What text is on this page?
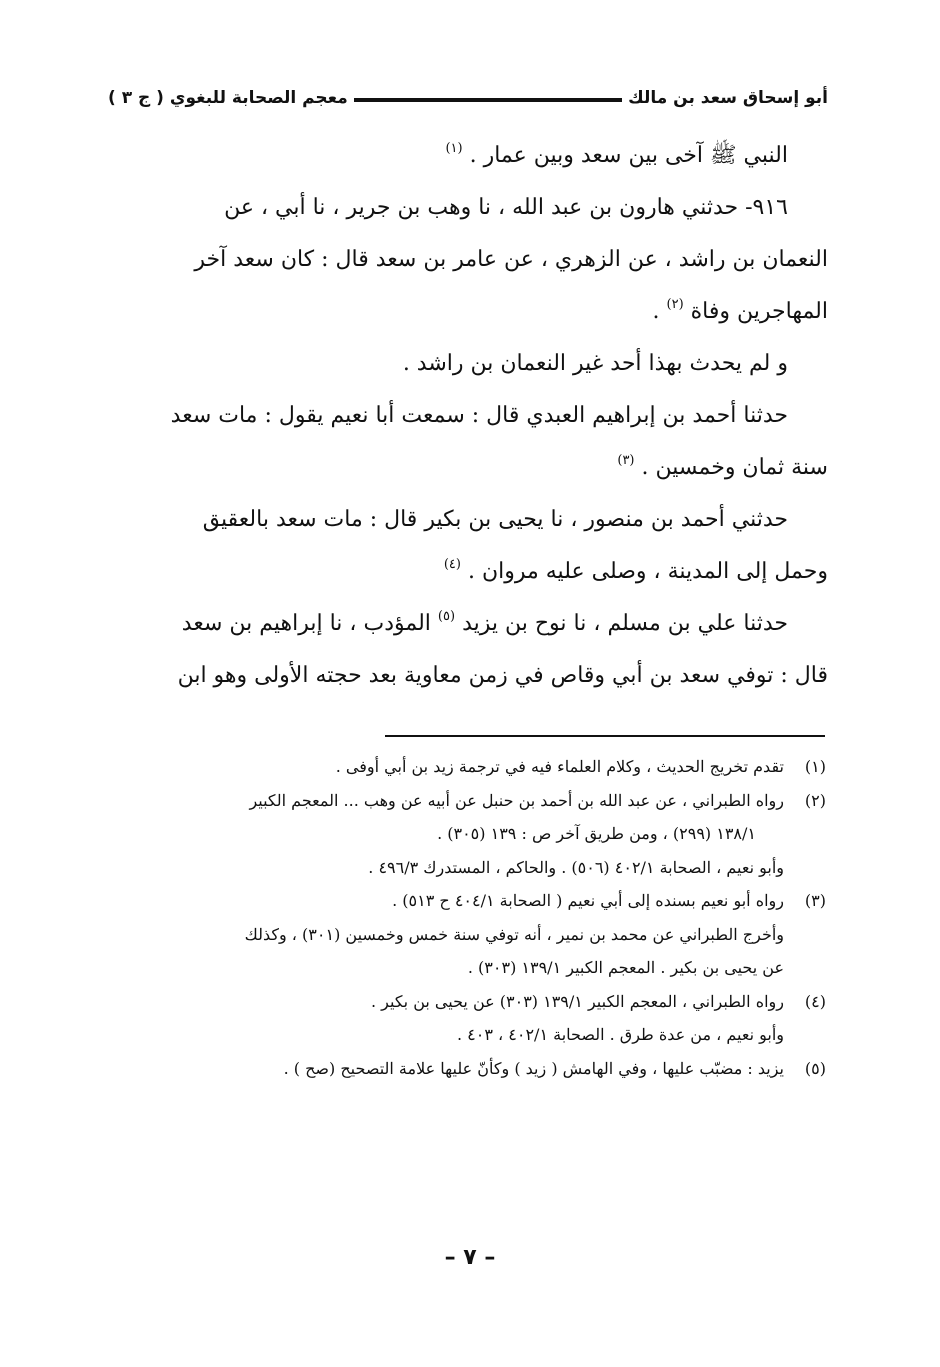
أبو إسحاق سعد بن مالك
معجم الصحابة للبغوي ( ج ٣ )

النبي ﷺ آخى بين سعد وبين عمار . $^{(١)}$

٩١٦- حدثني هارون بن عبد الله ، نا وهب بن جرير ، نا أبي ، عن

النعمان بن راشد ، عن الزهري ، عن عامر بن سعد قال : كان سعد آخر

المهاجرين وفاة $^{(٢)}$ .

و لم يحدث بهذا أحد غير النعمان بن راشد .

حدثنا أحمد بن إبراهيم العبدي قال : سمعت أبا نعيم يقول : مات سعد

سنة ثمان وخمسين . $^{(٣)}$

حدثني أحمد بن منصور ، نا يحيى بن بكير قال : مات سعد بالعقيق

وحمل إلى المدينة ، وصلى عليه مروان . $^{(٤)}$

حدثنا علي بن مسلم ، نا نوح بن يزيد $^{(٥)}$ المؤدب ، نا إبراهيم بن سعد

قال : توفي سعد بن أبي وقاص في زمن معاوية بعد حجته الأولى وهو ابن

(١)
تقدم تخريج الحديث ، وكلام العلماء فيه في ترجمة زيد بن أبي أوفى .
(٢)
رواه الطبراني ، عن عبد الله بن أحمد بن حنبل عن أبيه عن وهب ... المعجم الكبير
١٣٨/١ (٢٩٩) ، ومن طريق آخر ص : ١٣٩ (٣٠٥) .
وأبو نعيم ، الصحابة ٤٠٢/١ (٥٠٦) . والحاكم ، المستدرك ٤٩٦/٣ .
(٣)
رواه أبو نعيم بسنده إلى أبي نعيم ( الصحابة ٤٠٤/١ ح ٥١٣) .
وأخرج الطبراني عن محمد بن نمير ، أنه توفي سنة خمس وخمسين (٣٠١) ، وكذلك
عن يحيى بن بكير . المعجم الكبير ١٣٩/١ (٣٠٣) .
(٤)
رواه الطبراني ، المعجم الكبير ١٣٩/١ (٣٠٣) عن يحيى بن بكير .
وأبو نعيم ، من عدة طرق . الصحابة ٤٠٢/١ ، ٤٠٣ .
(٥)
يزيد : مضبّب عليها ، وفي الهامش ( زيد ) وكأنّ عليها علامة التصحيح (صح ) .
– ٧ –
